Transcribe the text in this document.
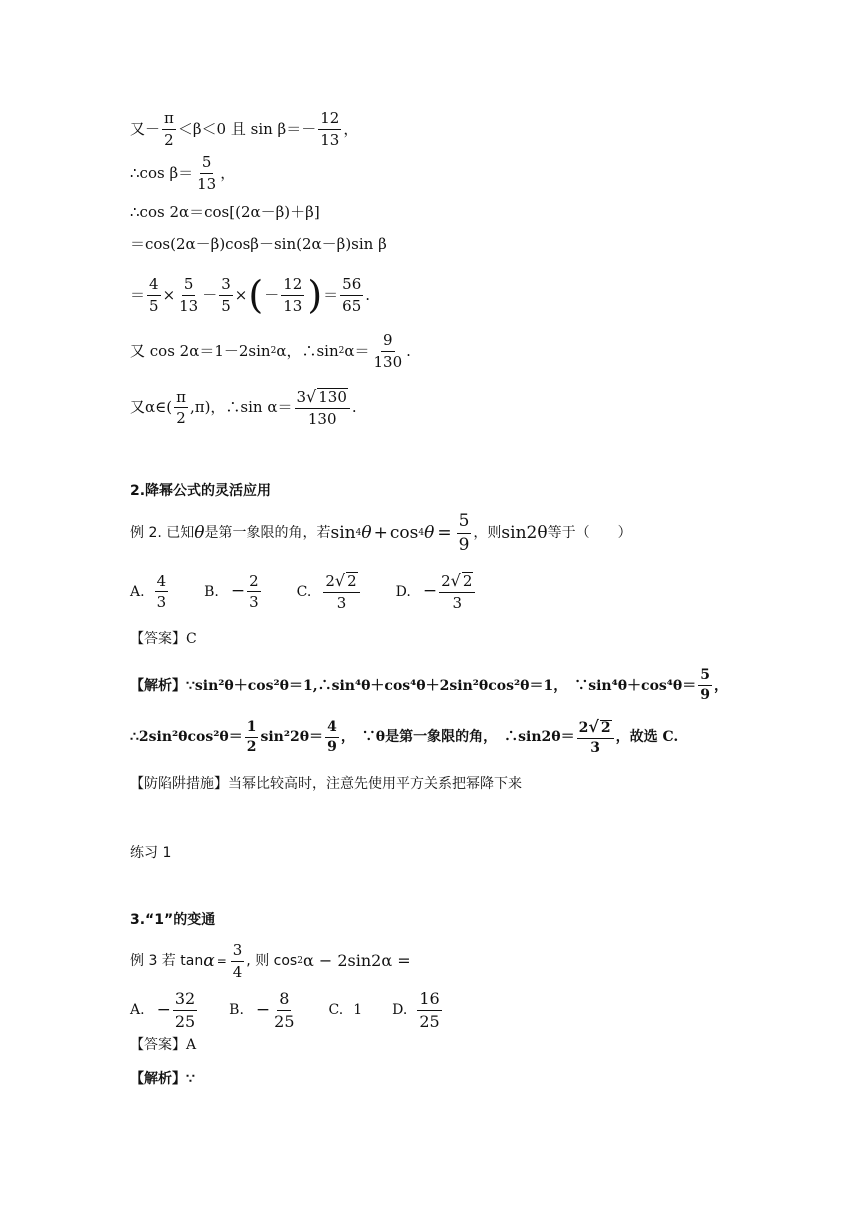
又－ $\frac{\pi}{2} <\beta<0$ 且 $\sin \beta=- \frac{12}{13}$ ，
∴cos $\beta= \frac{5}{13}$ ，
∴cos 2α＝cos[(2α－β)＋β]
＝cos(2α－β)cosβ－sin(2α－β)sin β
＝ $\frac{4}{5} \times \frac{5}{13} - \frac{3}{5}$ × ( － $\frac{12}{13}$ ) ＝ $\frac{56}{65}$ .
又 cos 2α＝1－2sin 2 α，∴sin 2 $\alpha= \frac{9}{130}$ .
又α∈( $\frac{\pi}{2} ,\pi$)，∴sin $\alpha= \frac{3√ 130}{130}$ .
2.降幂公式的灵活应用
例 2. 已知 θ 是第一象限的角，若 sin 4 θ + cos 4 $\theta = \frac{5}{9}$ ，则 sin2θ 等于（　　）
A. $\frac{4}{3}$	B. − $\frac{2}{3}$	C. $\frac{2√ 2}{3}$	D. − $\frac{2√ 2}{3}$
【答案】 C
【解析】 ∵sin²θ＋cos²θ＝1,∴sin⁴θ＋cos⁴θ＋2sin²θcos²θ＝1，　∵sin⁴θ＋cos⁴θ＝ $\frac{5}{9}$ ，
∴2sin²θcos²θ＝ $\frac{1}{2} \sin^22\theta= \frac{4}{9}$ ，　∵θ是第一象限的角，　∴sin2θ＝ $\frac{2√ 2}{3}$ ，故选 C.
【防陷阱措施】 当幂比较高时，注意先使用平方关系把幂降下来
练习 1
3.“1”的变通
例 3 若 $\tan \alpha = \frac{3}{4}$ , 则 cos 2 α − 2sin2α =
A. − $\frac{32}{25} B$. − $\frac{8}{25} C$. 1 D. $\frac{16}{25}$
【答案】 A
【解析】 ∵
